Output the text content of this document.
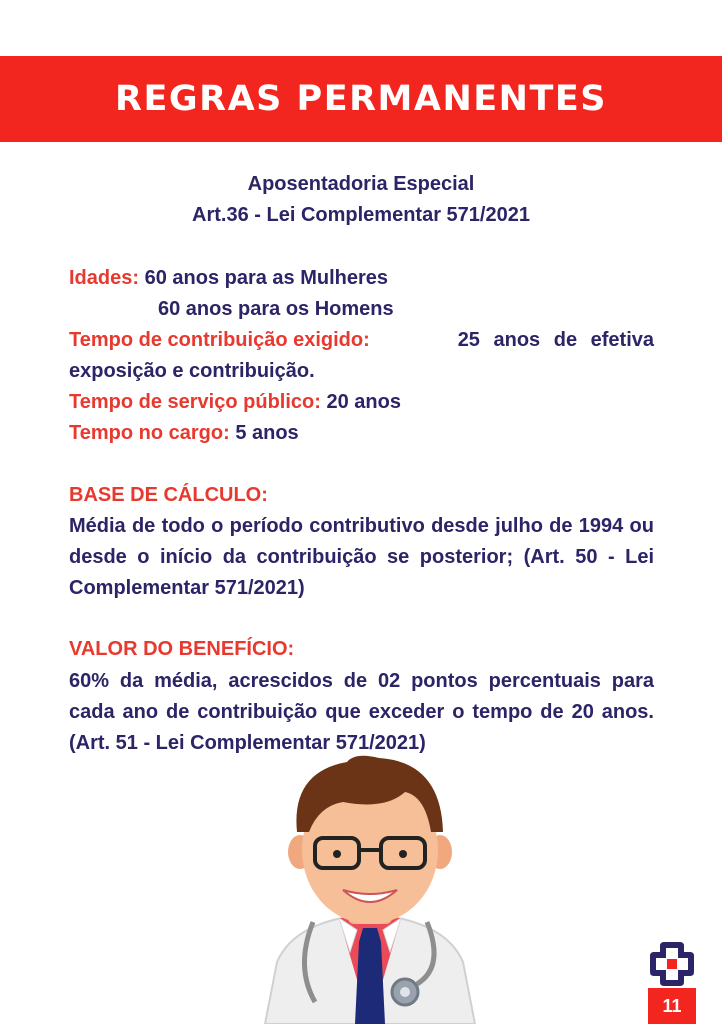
REGRAS PERMANENTES
Aposentadoria Especial
Art.36 - Lei Complementar 571/2021
Idades: 60 anos para as Mulheres
60 anos para os Homens
Tempo de contribuição exigido:	25 anos de efetiva
exposição e contribuição.
Tempo de serviço público: 20 anos
Tempo no cargo: 5 anos
BASE DE CÁLCULO:
Média de todo o período contributivo desde julho de 1994 ou desde o início da contribuição se posterior; (Art. 50 - Lei Complementar 571/2021)
VALOR DO BENEFÍCIO:
60% da média, acrescidos de 02 pontos percentuais para cada ano de contribuição que exceder o tempo de 20 anos. (Art. 51 - Lei Complementar 571/2021)
11
